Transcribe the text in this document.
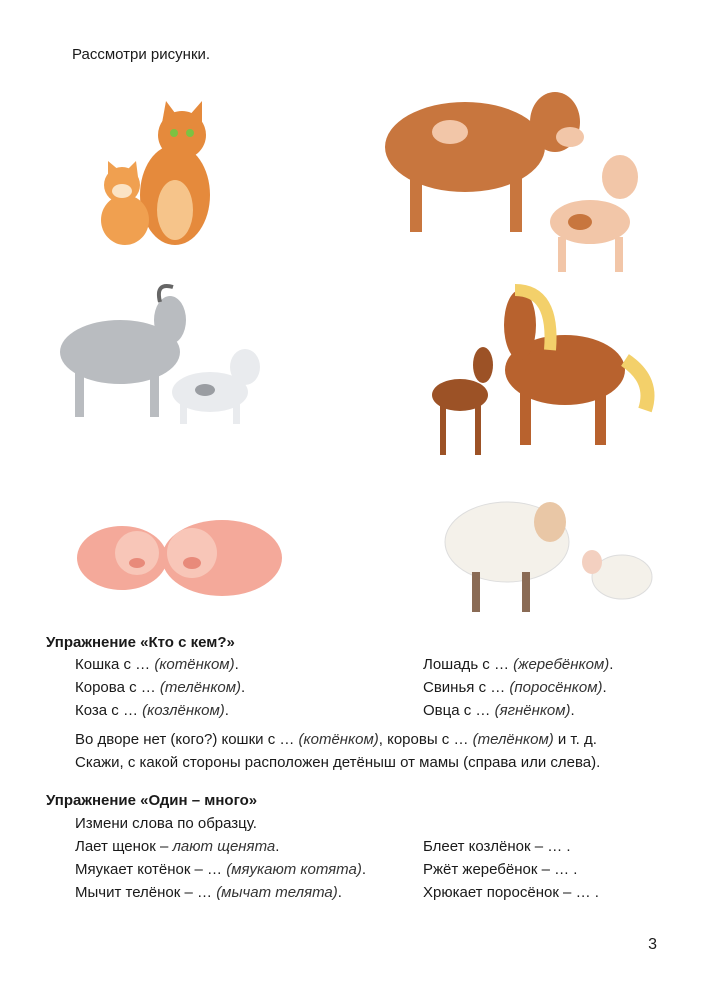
Рассмотри рисунки.
Упражнение «Кто с кем?»
Кошка с … (котёнком).
Корова с … (телёнком).
Коза с … (козлёнком).
Лошадь с … (жеребёнком).
Свинья с … (поросёнком).
Овца с … (ягнёнком).
Во дворе нет (кого?) кошки с … (котёнком), коровы с … (телёнком) и т. д.
Скажи, с какой стороны расположен детёныш от мамы (справа или слева).
Упражнение «Один – много»
Измени слова по образцу.
Лает щенок – лают щенята.
Мяукает котёнок – … (мяукают котята).
Мычит телёнок – … (мычат телята).
Блеет козлёнок – … .
Ржёт жеребёнок – … .
Хрюкает поросёнок – … .
3
